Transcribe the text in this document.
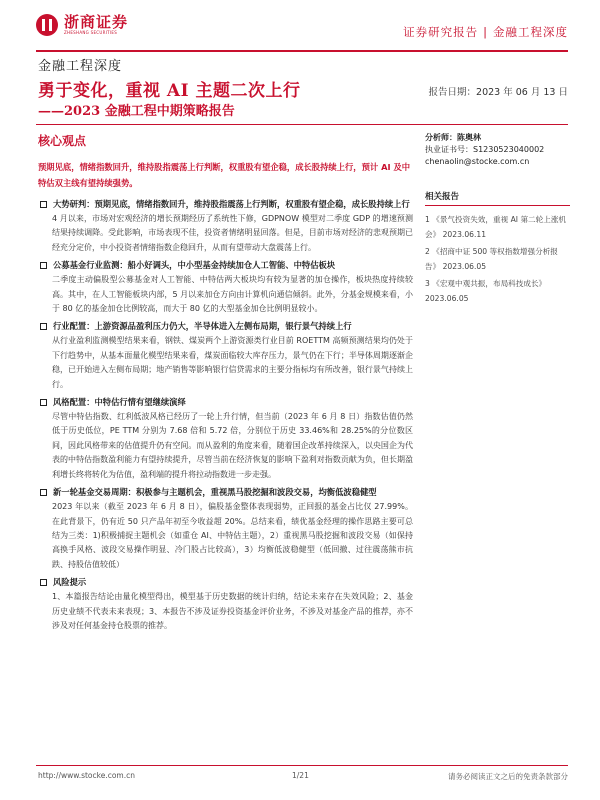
浙商证券
ZHESHANG SECURITIES	证券研究报告 | 金融工程深度
金融工程深度
报告日期：2023 年 06 月 13 日
勇于变化，重视 AI 主题二次上行
——2023 金融工程中期策略报告
核心观点
预期见底，情绪指数回升，维持股指震荡上行判断，权重股有望企稳，成长股持续上行，预计 AI 及中特估双主线有望持续强势。
大势研判：预期见底，情绪指数回升，维持股指震荡上行判断，权重股有望企稳，成长股持续上行
4 月以来，市场对宏观经济的增长预期经历了系统性下修，GDPNOW 模型对二季度 GDP 的增速预测结果持续调降。受此影响，市场表现不佳，投资者情绪明显回落。但是，目前市场对经济的悲观预期已经充分定价，中小投资者情绪指数企稳回升，从而有望带动大盘震荡上行。
公募基金行业监测：船小好调头，中小型基金持续加仓人工智能、中特估板块
二季度主动偏股型公募基金对人工智能、中特估两大板块均有较为显著的加仓操作，板块热度持续较高。其中，在人工智能板块内部，5 月以来加仓方向由计算机向通信倾斜。此外，分基金规模来看，小于 80 亿的基金加仓比例较高，而大于 80 亿的大型基金加仓比例明显较小。
行业配置：上游资源品盈利压力仍大，半导体进入左侧布局期，银行景气持续上行
从行业盈利监测模型结果来看，钢铁、煤炭两个上游资源类行业目前 ROETTM 高频预测结果均仍处于下行趋势中，从基本面量化模型结果来看，煤炭面临较大库存压力，景气仍在下行；半导体周期逐渐企稳，已开始进入左侧布局期；地产销售等影响银行信贷需求的主要分指标均有所改善，银行景气持续上行。
风格配置：中特估行情有望继续演绎
尽管中特估指数、红利低波风格已经历了一轮上升行情，但当前（2023 年 6 月 8 日）指数估值仍然低于历史低位，PE TTM 分别为 7.68 倍和 5.72 倍，分别位于历史 33.46%和 28.25%的分位数区间，因此风格带来的估值提升仍有空间。而从盈利的角度来看，随着国企改革持续深入，以央国企为代表的中特估指数盈利能力有望持续提升，尽管当前在经济恢复的影响下盈利对指数贡献为负，但长期盈利增长终将转化为估值，盈利端的提升将拉动指数进一步走强。
新一轮基金交易周期：积极参与主题机会，重视黑马股挖掘和波段交易，均衡低波稳健型
2023 年以来（截至 2023 年 6 月 8 日），偏股基金整体表现弱势，正回报的基金占比仅 27.99%。在此背景下，仍有近 50 只产品年初至今收益超 20%。总结来看，绩优基金经理的操作思路主要可总结为三类：1)积极捕捉主题机会（如重仓 AI、中特估主题），2）重视黑马股挖掘和波段交易（如保持高换手风格、波段交易操作明显、冷门股占比较高），3）均衡低波稳健型（低回撤、过往震荡熊市抗跌、持股估值较低）
风险提示
1、本篇报告结论由量化模型得出，模型基于历史数据的统计归纳，结论未来存在失效风险；2、基金历史业绩不代表未来表现；3、本报告不涉及证券投资基金评价业务，不涉及对基金产品的推荐，亦不涉及对任何基金持仓股票的推荐。
分析师：陈奥林
执业证书号：S1230523040002
chenaolin@stocke.com.cn
相关报告
1 《景气投资失效，重视 AI 第二轮上涨机会》 2023.06.11
2 《招商中证 500 等权指数增强分析报告》 2023.06.05
3 《宏观中观共振，布局科技成长》 2023.06.05
http://www.stocke.com.cn	1/21	请务必阅读正文之后的免责条款部分
